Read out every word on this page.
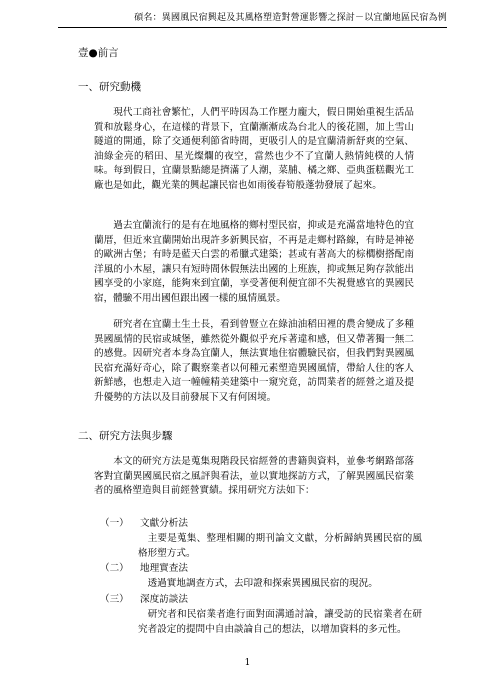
碩名：異國風民宿興起及其風格塑造對營運影響之探討－以宜蘭地區民宿為例
壹●前言
一、研究動機
現代工商社會繁忙，人們平時因為工作壓力龐大，假日開始重視生活品質和放鬆身心，在這樣的背景下，宜蘭漸漸成為台北人的後花園，加上雪山隧道的開通，除了交通便利節省時間，更吸引人的是宜蘭清新舒爽的空氣、油綠金亮的稻田、星光燦爛的夜空，當然也少不了宜蘭人熱情純樸的人情味。每到假日，宜蘭景點總是擠滿了人潮，菜脯、橘之鄉、亞典蛋糕觀光工廠也是如此，觀光業的興起讓民宿也如雨後春筍般蓬勃發展了起來。
過去宜蘭流行的是有在地風格的鄉村型民宿，抑或是充滿當地特色的宜蘭厝，但近來宜蘭開始出現許多新興民宿，不再是走鄉村路線，有時是神祕的歐洲古堡；有時是藍天白雲的希臘式建築；甚或有著高大的棕櫚樹搭配南洋風的小木屋，讓只有短時間休假無法出國的上班族，抑或無足夠存款能出國享受的小家庭，能夠來到宜蘭，享受著便利便宜卻不失視覺感官的異國民宿，體驗不用出國但跟出國一樣的風情風景。
研究者在宜蘭土生土長，看到曾豎立在綠油油稻田裡的農舍變成了多種異國風情的民宿或城堡，雖然從外觀似乎充斥著違和感，但又帶著獨一無二的感覺。因研究者本身為宜蘭人，無法實地住宿體驗民宿，但我們對異國風民宿充滿好奇心，除了觀察業者以何種元素塑造異國風情，帶給人住的客人新鮮感，也想走入這一幢幢精美建築中一窺究竟，訪問業者的經營之道及提升優勢的方法以及目前發展下又有何困境。
二、研究方法與步驟
本文的研究方法是蒐集現階段民宿經營的書籍與資料，並參考網路部落客對宜蘭異國風民宿之風評與看法，並以實地探訪方式，了解異國風民宿業者的風格塑造與目前經營實績。採用研究方法如下：
（一） 文獻分析法
主要是蒐集、整理相關的期刊論文文獻，分析歸納異國民宿的風格形塑方式。
（二） 地理實查法
透過實地調查方式，去印證和探索異國風民宿的現況。
（三） 深度訪談法
研究者和民宿業者進行面對面溝通討論，讓受訪的民宿業者在研究者設定的提問中自由談論自己的想法，以增加資料的多元性。
1
